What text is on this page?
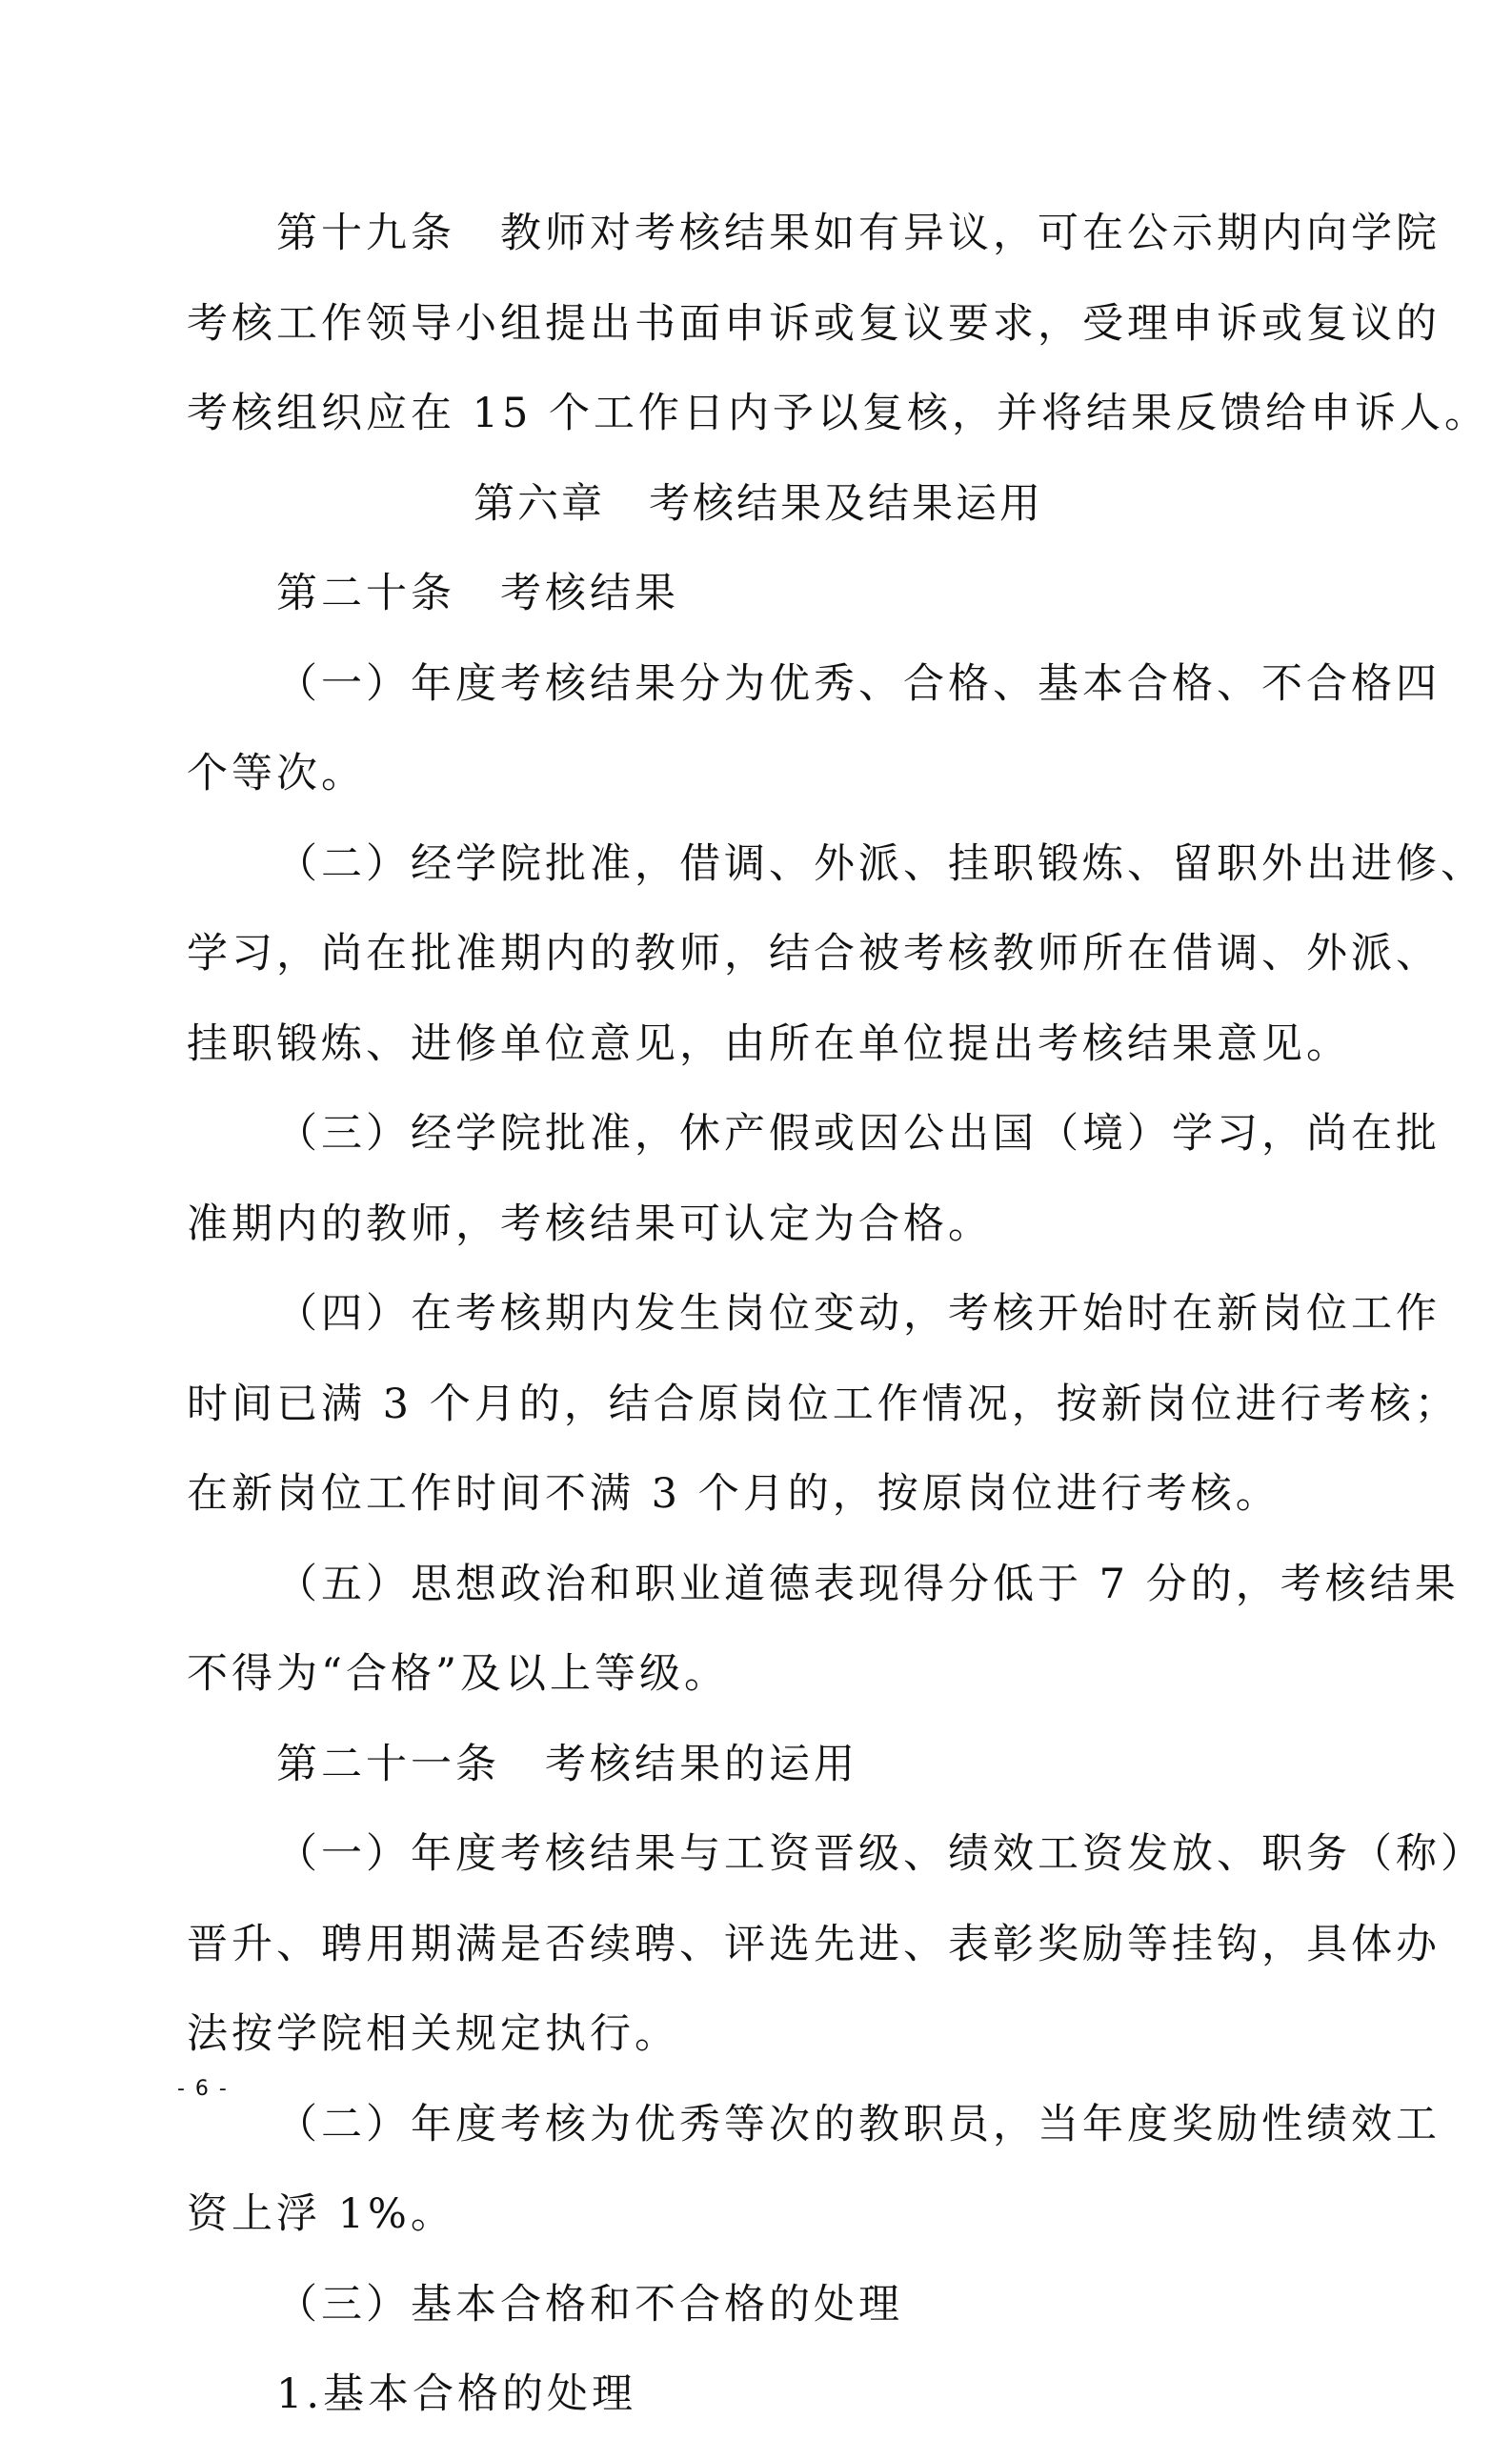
第十九条　教师对考核结果如有异议，可在公示期内向学院

考核工作领导小组提出书面申诉或复议要求，受理申诉或复议的

考核组织应在 15 个工作日内予以复核，并将结果反馈给申诉人。

第六章　考核结果及结果运用

第二十条　考核结果

（一）年度考核结果分为优秀、合格、基本合格、不合格四

个等次。

（二）经学院批准，借调、外派、挂职锻炼、留职外出进修、

学习，尚在批准期内的教师，结合被考核教师所在借调、外派、

挂职锻炼、进修单位意见，由所在单位提出考核结果意见。

（三）经学院批准，休产假或因公出国（境）学习，尚在批

准期内的教师，考核结果可认定为合格。

（四）在考核期内发生岗位变动，考核开始时在新岗位工作

时间已满 3 个月的，结合原岗位工作情况，按新岗位进行考核；

在新岗位工作时间不满 3 个月的，按原岗位进行考核。

（五）思想政治和职业道德表现得分低于 7 分的，考核结果

不得为“合格”及以上等级。

第二十一条　考核结果的运用

（一）年度考核结果与工资晋级、绩效工资发放、职务（称）

晋升、聘用期满是否续聘、评选先进、表彰奖励等挂钩，具体办

法按学院相关规定执行。

（二）年度考核为优秀等次的教职员，当年度奖励性绩效工

资上浮 1%。

（三）基本合格和不合格的处理

1.基本合格的处理

- 6 -
